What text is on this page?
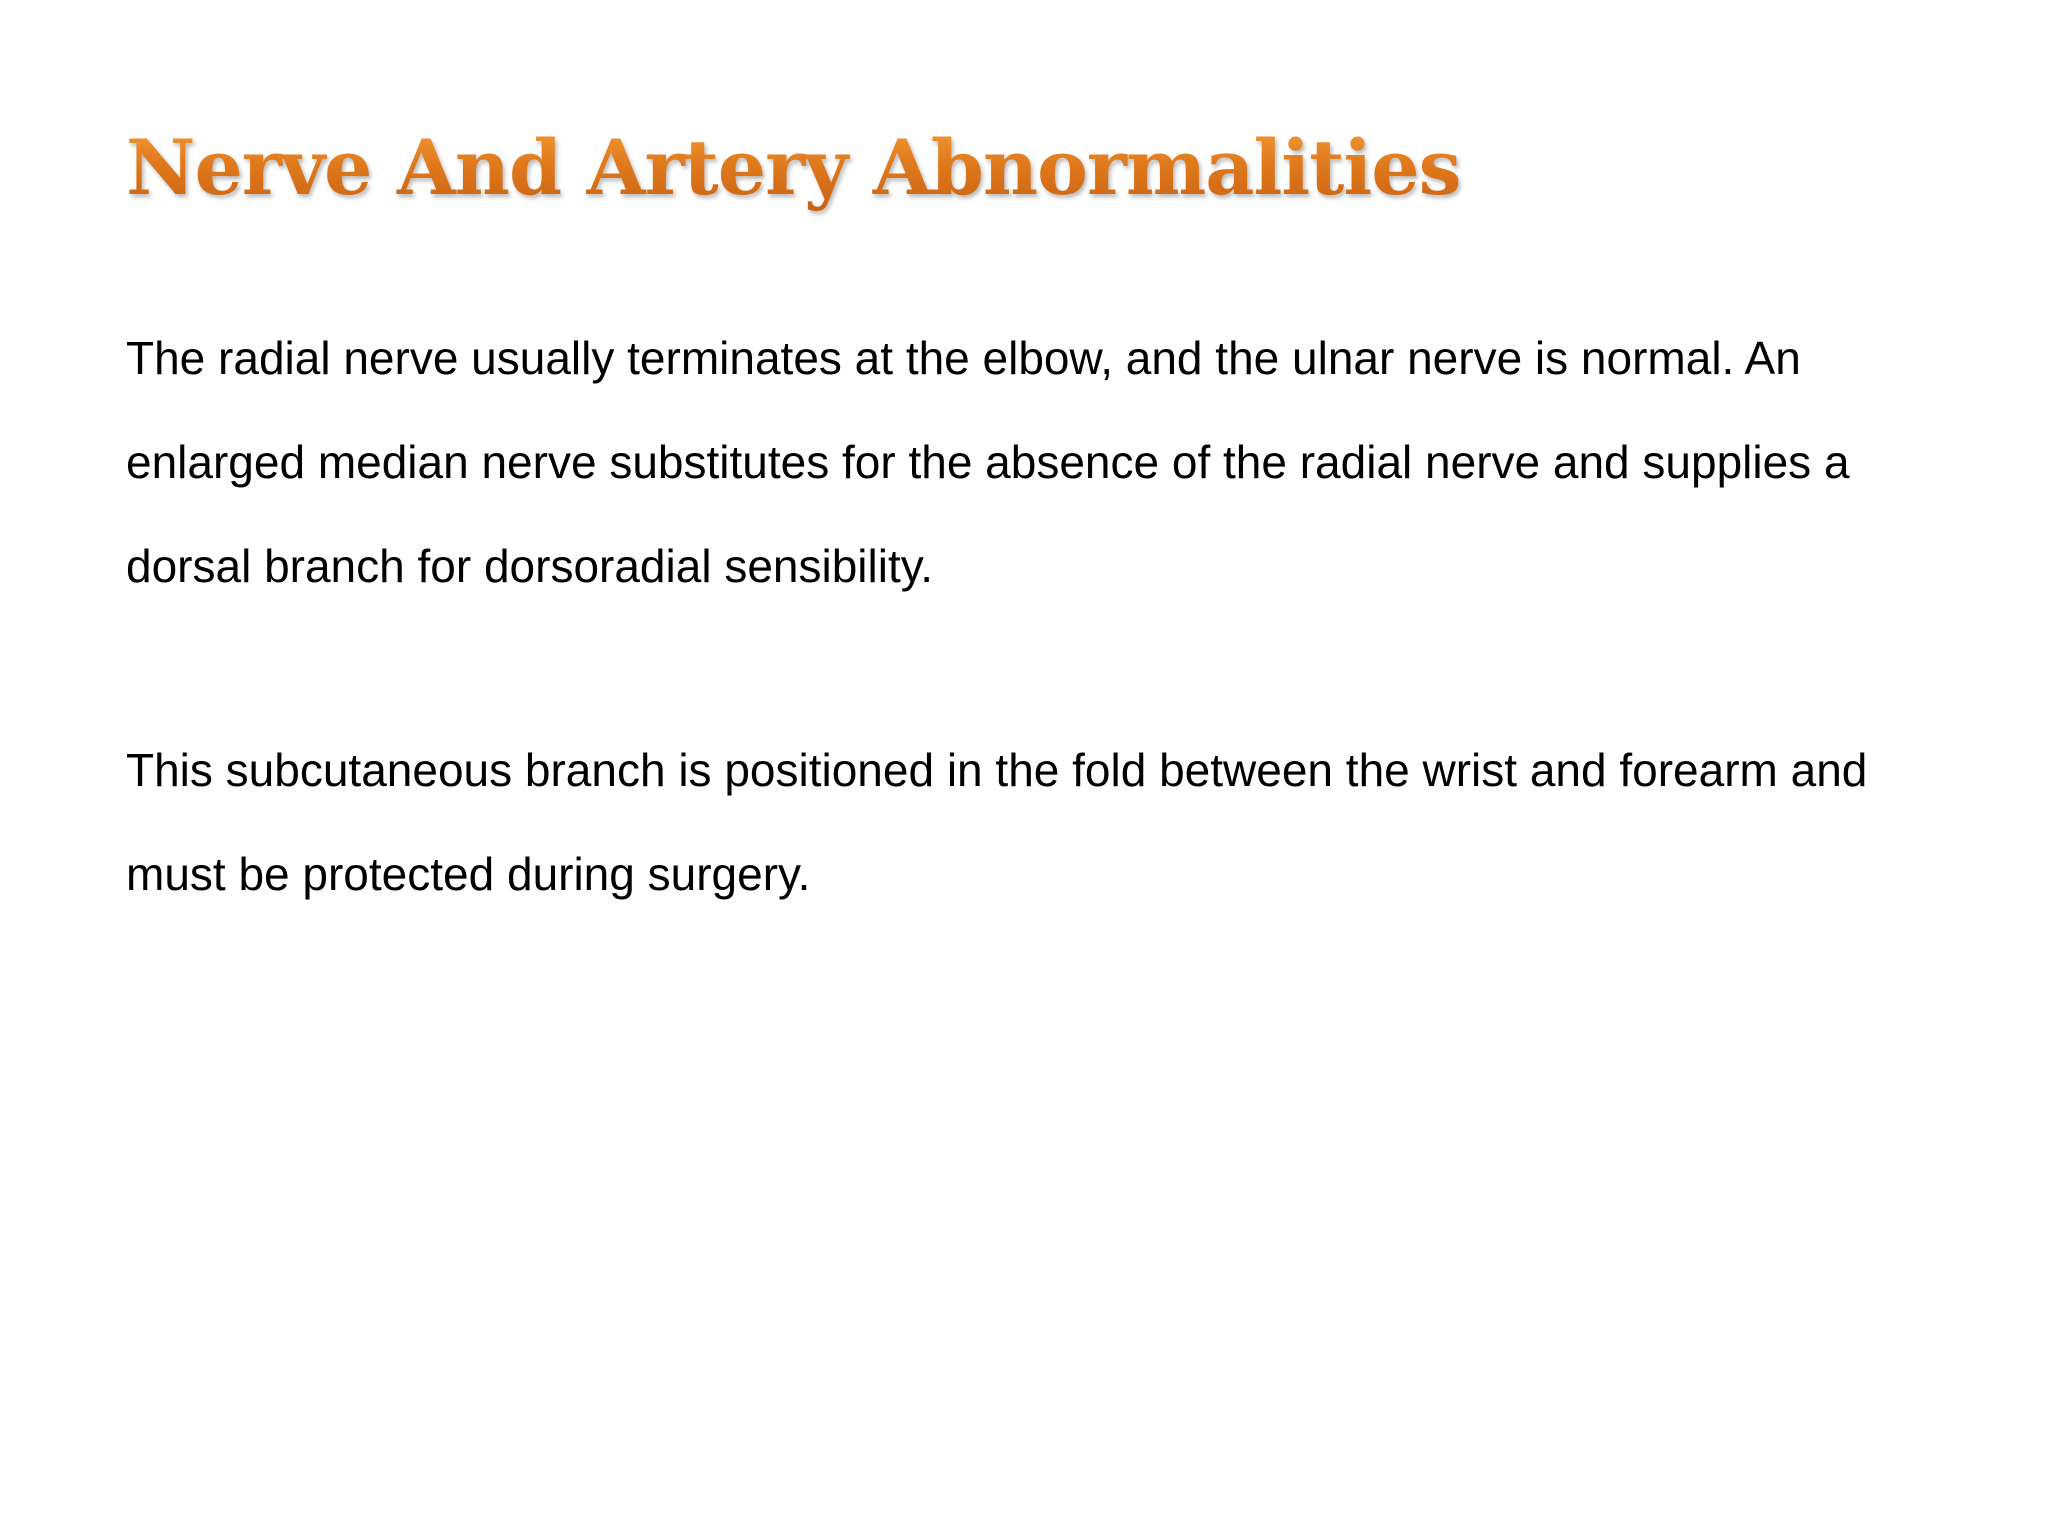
Nerve And Artery Abnormalities

The radial nerve usually terminates at the elbow, and the ulnar nerve is normal. An enlarged median nerve substitutes for the absence of the radial nerve and supplies a dorsal branch for dorsoradial sensibility.

This subcutaneous branch is positioned in the fold between the wrist and forearm and must be protected during surgery.
